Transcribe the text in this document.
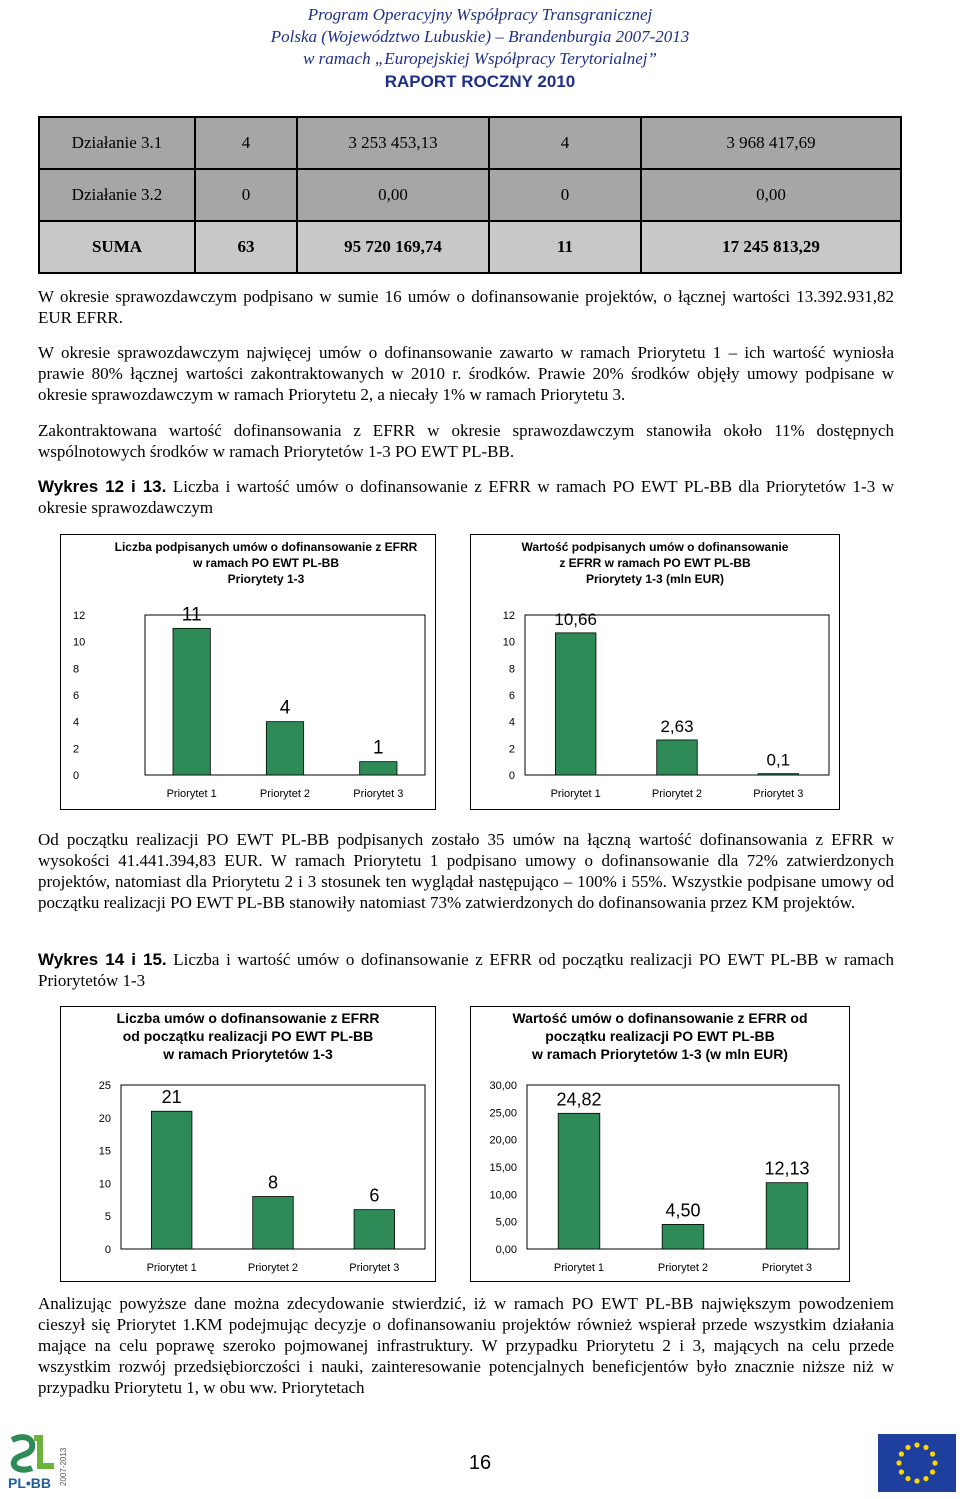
Program Operacyjny Współpracy Transgranicznej
Polska (Województwo Lubuskie) – Brandenburgia 2007-2013
w ramach „Europejskiej Współpracy Terytorialnej”
RAPORT ROCZNY 2010
Działanie 3.1	4	3 253 453,13	4	3 968 417,69
Działanie 3.2	0	0,00	0	0,00
SUMA	63	95 720 169,74	11	17 245 813,29

W okresie sprawozdawczym podpisano w sumie 16 umów o dofinansowanie projektów, o łącznej wartości 13.392.931,82 EUR EFRR.

W okresie sprawozdawczym najwięcej umów o dofinansowanie zawarto w ramach Priorytetu 1 – ich wartość wyniosła prawie 80% łącznej wartości zakontraktowanych w 2010 r. środków. Prawie 20% środków objęły umowy podpisane w okresie sprawozdawczym w ramach Priorytetu 2, a niecały 1% w ramach Priorytetu 3.

Zakontraktowana wartość dofinansowania z EFRR w okresie sprawozdawczym stanowiła około 11% dostępnych wspólnotowych środków w ramach Priorytetów 1-3 PO EWT PL-BB.

Wykres 12 i 13. Liczba i wartość umów o dofinansowanie z EFRR w ramach PO EWT PL-BB dla Priorytetów 1-3 w okresie sprawozdawczym

Liczba podpisanych umów o dofinansowanie z EFRR
w ramach PO EWT PL-BB
Priorytety 1-3
0
2
4
6
8
10
12	11
Priorytet 1
4
Priorytet 2
1
Priorytet 3
Wartość podpisanych umów o dofinansowanie
z EFRR w ramach PO EWT PL-BB
Priorytety 1-3 (mln EUR)
0
2
4
6
8
10
12 10,66
Priorytet 1
2,63
Priorytet 2
0,1
Priorytet 3

Od początku realizacji PO EWT PL-BB podpisanych zostało 35 umów na łączną wartość dofinansowania z EFRR w wysokości 41.441.394,83 EUR. W ramach Priorytetu 1 podpisano umowy o dofinansowanie dla 72% zatwierdzonych projektów, natomiast dla Priorytetu 2 i 3 stosunek ten wyglądał następująco – 100% i 55%. Wszystkie podpisane umowy od początku realizacji PO EWT PL-BB stanowiły natomiast 73% zatwierdzonych do dofinansowania przez KM projektów.

Wykres 14 i 15. Liczba i wartość umów o dofinansowanie z EFRR od początku realizacji PO EWT PL-BB w ramach Priorytetów 1-3

Liczba umów o dofinansowanie z EFRR
od początku realizacji PO EWT PL-BB
w ramach Priorytetów 1-3
0
5
10
15
20
25
21
Priorytet 1
8
Priorytet 2
6
Priorytet 3
Wartość umów o dofinansowanie z EFRR od
początku realizacji PO EWT PL-BB
w ramach Priorytetów 1-3 (w mln EUR)
0,00
5,00
10,00
15,00
20,00
25,00
30,00
24,82
Priorytet 1
4,50
Priorytet 2
12,13
Priorytet 3

Analizując powyższe dane można zdecydowanie stwierdzić, iż w ramach PO EWT PL-BB największym powodzeniem cieszył się Priorytet 1.KM podejmując decyzje o dofinansowaniu projektów również wspierał przede wszystkim działania mające na celu poprawę szeroko pojmowanej infrastruktury. W przypadku Priorytetu 2 i 3, mających na celu przede wszystkim rozwój przedsiębiorczości i nauki, zainteresowanie potencjalnych beneficjentów było znacznie niższe niż w przypadku Priorytetu 1, w obu ww. Priorytetach

PL•BB 2007-2013	16
